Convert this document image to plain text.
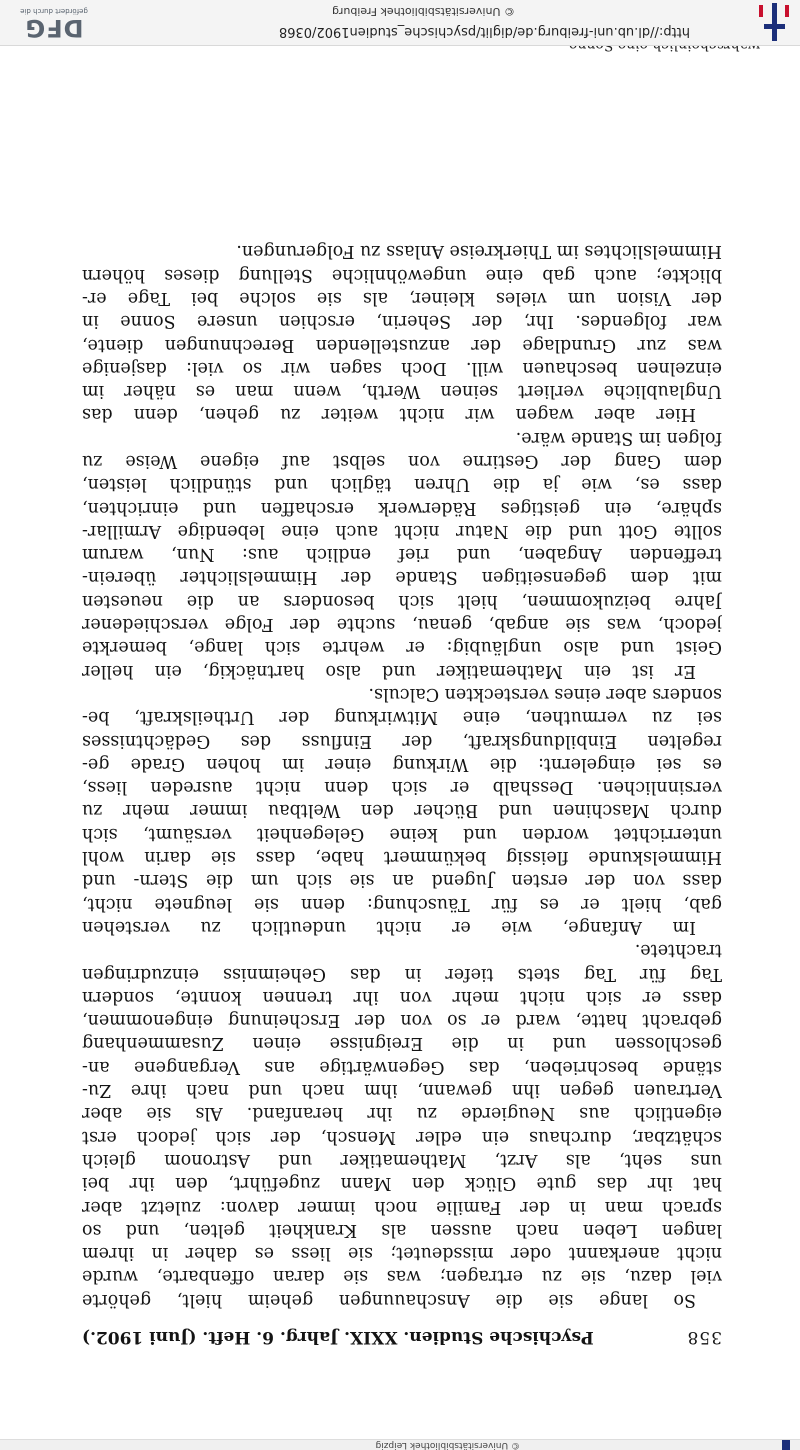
© Universitätsbibliothek Leipzig
358
Psychische Studien. XXIX. Jahrg. 6. Heft. (Juni 1902.)
So lange sie die Anschauungen geheim hielt, gehörte
viel dazu, sie zu ertragen; was sie daran offenbarte, wurde
nicht anerkannt oder missdeutet; sie liess es daher in ihrem
langen Leben nach aussen als Krankheit gelten, und so
sprach man in der Familie noch immer davon: zuletzt aber
hat ihr das gute Glück den Mann zugeführt, den ihr bei
uns seht, als Arzt, Mathematiker und Astronom gleich
schätzbar, durchaus ein edler Mensch, der sich jedoch erst
eigentlich aus Neugierde zu ihr heranfand. Als sie aber
Vertrauen gegen ihn gewann, ihm nach und nach ihre Zu-
stände beschrieben, das Gegenwärtige ans Vergangene an-
geschlossen und in die Ereignisse einen Zusammenhang
gebracht hatte, ward er so von der Erscheinung eingenommen,
dass er sich nicht mehr von ihr trennen konnte, sondern
Tag für Tag stets tiefer in das Geheimniss einzudringen
trachtete.
Im Anfange, wie er nicht undeutlich zu verstehen
gab, hielt er es für Täuschung: denn sie leugnete nicht,
dass von der ersten Jugend an sie sich um die Stern- und
Himmelskunde fleissig bekümmert habe, dass sie darin wohl
unterrichtet worden und keine Gelegenheit versäumt, sich
durch Maschinen und Bücher den Weltbau immer mehr zu
versinnlichen. Desshalb er sich denn nicht ausreden liess,
es sei eingelernt: die Wirkung einer im hohen Grade ge-
regelten Einbildungskraft, der Einfluss des Gedächtnisses
sei zu vermuthen, eine Mitwirkung der Urtheilskraft, be-
sonders aber eines versteckten Calculs.
Er ist ein Mathematiker und also hartnäckig, ein heller
Geist und also ungläubig: er wehrte sich lange, bemerkte
jedoch, was sie angab, genau, suchte der Folge verschiedener
Jahre beizukommen, hielt sich besonders an die neuesten
mit dem gegenseitigen Stande der Himmelslichter überein-
treffenden Angaben, und rief endlich aus: Nun, warum
sollte Gott und die Natur nicht auch eine lebendige Armillar-
sphäre, ein geistiges Räderwerk erschaffen und einrichten,
dass es, wie ja die Uhren täglich und stündlich leisten,
dem Gang der Gestirne von selbst auf eigene Weise zu
folgen im Stande wäre.
Hier aber wagen wir nicht weiter zu gehen, denn das
Unglaubliche verliert seinen Werth, wenn man es näher im
einzelnen beschauen will. Doch sagen wir so viel: dasjenige
was zur Grundlage der anzustellenden Berechnungen diente,
war folgendes. Ihr, der Seherin, erschien unsere Sonne in
der Vision um vieles kleiner, als sie solche bei Tage er-
blickte; auch gab eine ungewöhnliche Stellung dieses höhern
Himmelslichtes im Thierkreise Anlass zu Folgerungen.
http://dl.ub.uni-freiburg.de/diglit/psychische_studien1902/0368
© Universitätsbibliothek Freiburg
DFG
gefördert durch die
